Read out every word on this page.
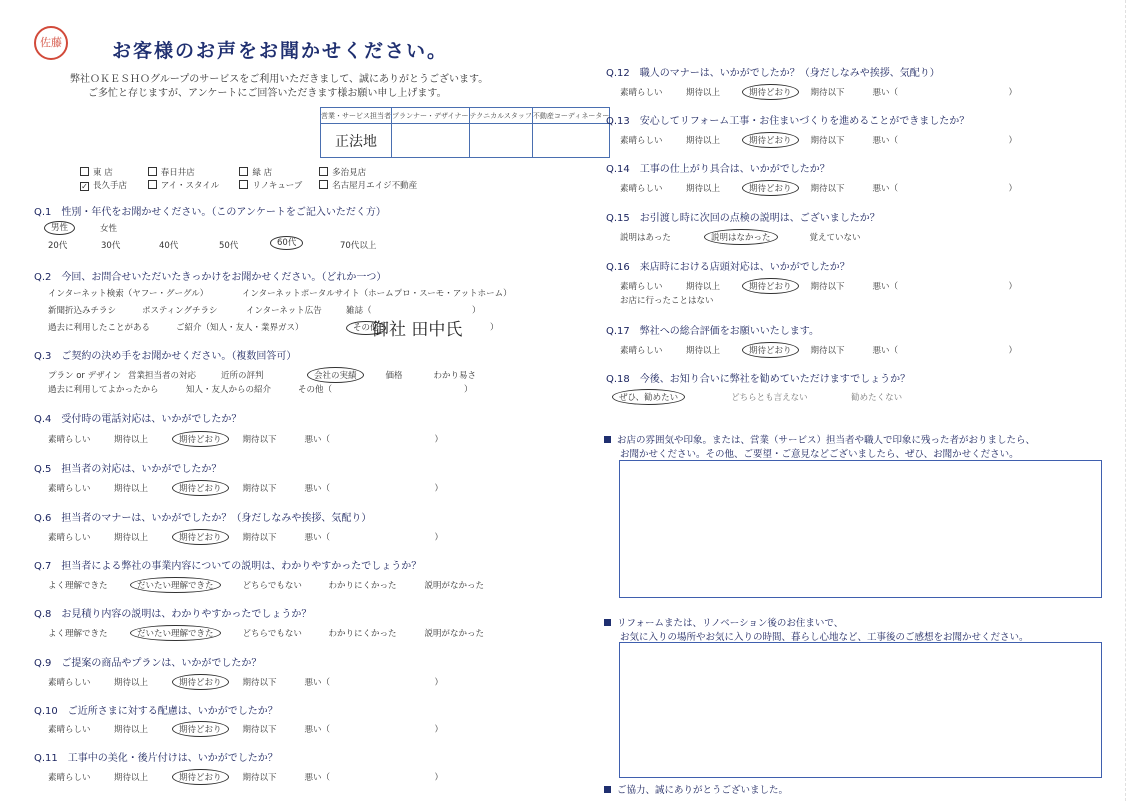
佐藤	お客様のお声をお聞かせください。
弊社ＯＫＥＳＨＯグループのサービスをご利用いただきまして、誠にありがとうございます。
ご多忙と存じますが、アンケートにご回答いただきます様お願い申し上げます。
営業・サービス担当者	プランナー・デザイナー	テクニカルスタッフ	不動産コーディネーター
正法地			
東 店	春日井店	緑 店	多治見店
✓ 長久手店	アイ・スタイル	リノキューブ	名古屋月エイジ不動産
Q.1　 性別・年代をお聞かせください。（このアンケートをご記入いただく方）
男性	女性
20代	30代	40代	50代	60代	70代以上
Q.2　 今回、お問合せいただいたきっかけをお聞かせください。（どれか一つ）
インターネット検索（ヤフー・グーグル）	インターネットポータルサイト（ホームプロ・スーモ・アットホーム）
新聞折込みチラシ	ポスティングチラシ	インターネット広告	雑誌（	）
過去に利用したことがある	ご紹介（知人・友人・業界ガス）	その他
御社 田中氏	）
Q.3　 ご契約の決め手をお聞かせください。（複数回答可）
プラン or デザイン 営業担当者の対応	近所の評判	会社の実績	価格	わかり易さ
過去に利用してよかったから	知人・友人からの紹介	その他（	）
Q.4　 受付時の電話対応は、いかがでしたか？
素晴らしい	期待以上	期待どおり 期待以下	悪い（	）
Q.5　 担当者の対応は、いかがでしたか？
素晴らしい	期待以上	期待どおり 期待以下	悪い（	）
Q.6　 担当者のマナーは、いかがでしたか？（身だしなみや挨拶、気配り）
素晴らしい	期待以上	期待どおり 期待以下	悪い（	）
Q.7　 担当者による弊社の事業内容についての説明は、わかりやすかったでしょうか？
よく理解できた	だいたい理解できた	どちらでもない	わかりにくかった	説明がなかった
Q.8　 お見積り内容の説明は、わかりやすかったでしょうか？
よく理解できた	だいたい理解できた	どちらでもない	わかりにくかった	説明がなかった
Q.9　 ご提案の商品やプランは、いかがでしたか？
素晴らしい	期待以上	期待どおり 期待以下	悪い（	）
Q.10　 ご近所さまに対する配慮は、いかがでしたか？
素晴らしい	期待以上	期待どおり 期待以下	悪い（	）
Q.11　 工事中の美化・後片付けは、いかがでしたか？
素晴らしい	期待以上	期待どおり 期待以下	悪い（	）
Q.12　 職人のマナーは、いかがでしたか？（身だしなみや挨拶、気配り）
素晴らしい	期待以上	期待どおり 期待以下	悪い（	）
Q.13　 安心してリフォーム工事・お住まいづくりを進めることができましたか？
素晴らしい	期待以上	期待どおり 期待以下	悪い（	）
Q.14　 工事の仕上がり具合は、いかがでしたか？
素晴らしい	期待以上	期待どおり 期待以下	悪い（	）
Q.15　 お引渡し時に次回の点検の説明は、ございましたか？
説明はあった	説明はなかった	覚えていない
Q.16　 来店時における店頭対応は、いかがでしたか？
素晴らしい	期待以上	期待どおり 期待以下	悪い（	）
お店に行ったことはない
Q.17　 弊社への総合評価をお願いいたします。
素晴らしい	期待以上	期待どおり 期待以下	悪い（	）
Q.18　 今後、お知り合いに弊社を勧めていただけますでしょうか？
ぜひ、勧めたい	どちらとも言えない	勧めたくない
お店の雰囲気や印象。または、営業（サービス）担当者や職人で印象に残った者がおりましたら、
お聞かせください。その他、ご要望・ご意見などございましたら、ぜひ、お聞かせください。
リフォームまたは、リノベーション後のお住まいで、
お気に入りの場所やお気に入りの時間、暮らし心地など、工事後のご感想をお聞かせください。
ご協力、誠にありがとうございました。
